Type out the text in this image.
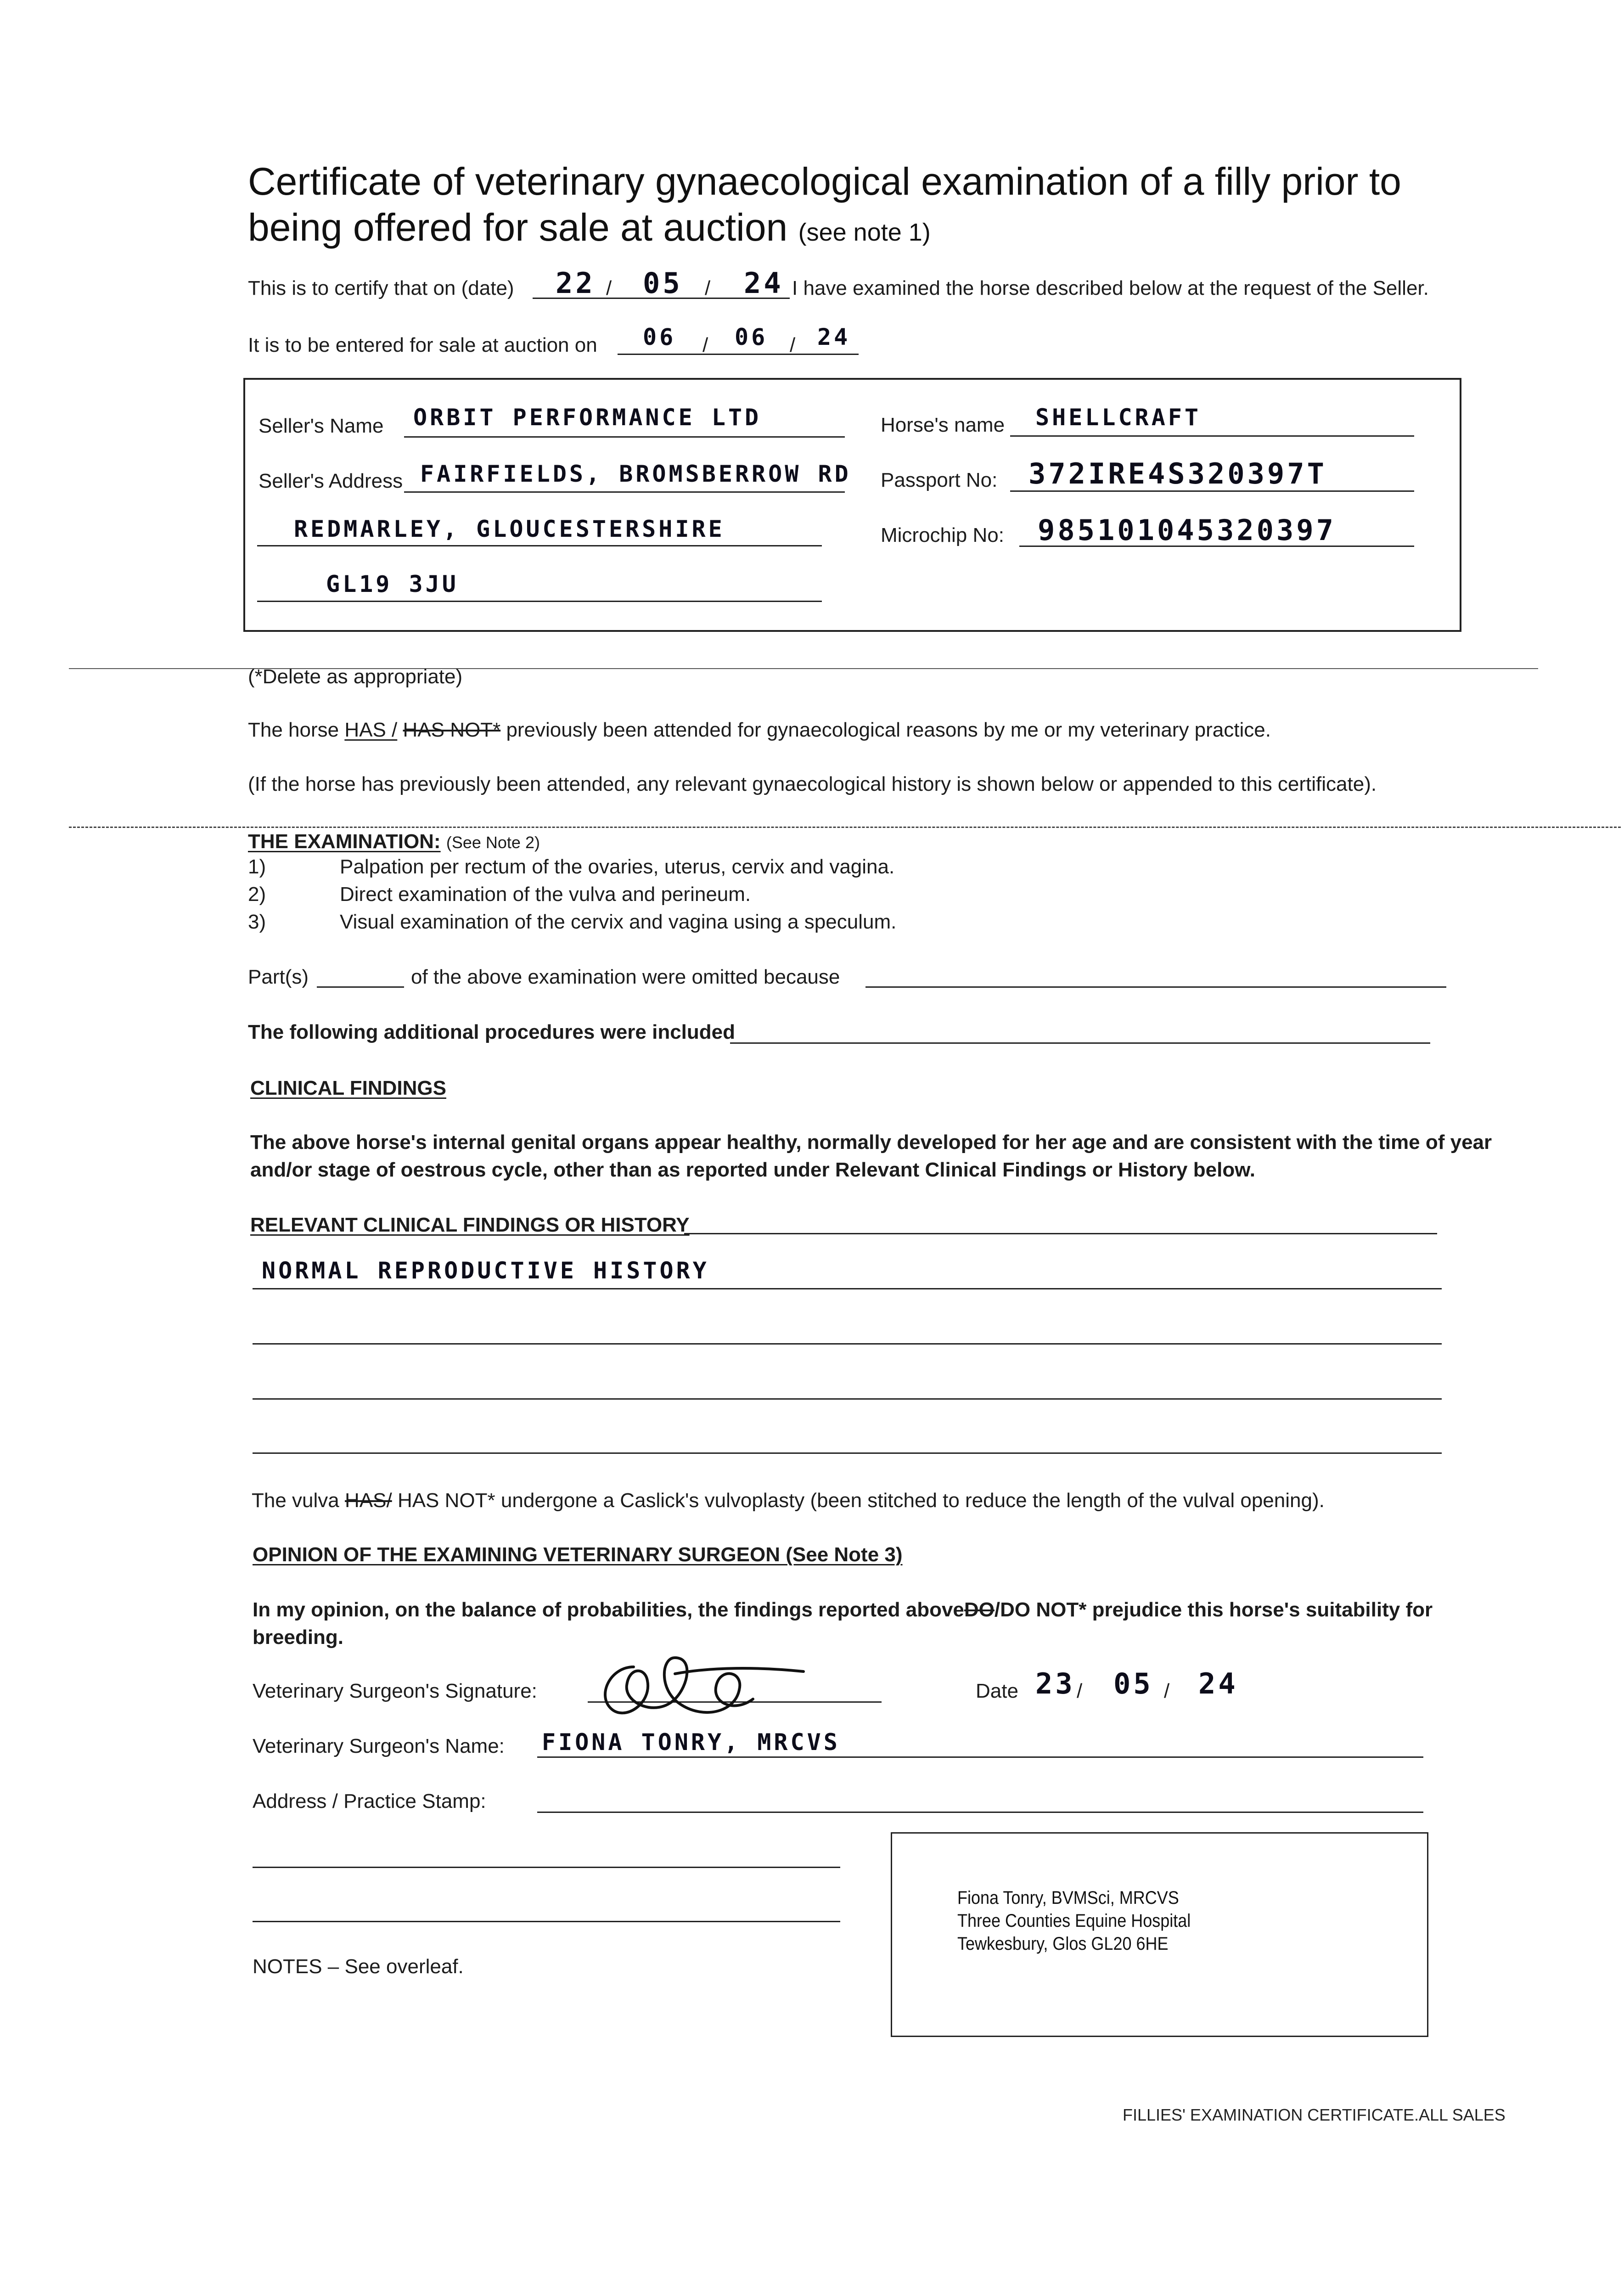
Certificate of veterinary gynaecological examination of a filly prior to
being offered for sale at auction (see note 1)
This is to certify that on (date) 22 / 05 / 24 I have examined the horse described below at the request of the Seller.
It is to be entered for sale at auction on 06 / 06 / 24
Seller's Name ORBIT PERFORMANCE LTD	Horse's name SHELLCRAFT
Seller's Address FAIRFIELDS, BROMSBERROW RD Passport No: 372IRE4S320397T
REDMARLEY, GLOUCESTERSHIRE	Microchip No: 985101045320397
GL19 3JU
(*Delete as appropriate)
The horse HAS / HAS NOT* previously been attended for gynaecological reasons by me or my veterinary practice.
(If the horse has previously been attended, any relevant gynaecological history is shown below or appended to this certificate).
THE EXAMINATION: (See Note 2)
1)	Palpation per rectum of the ovaries, uterus, cervix and vagina.
2)	Direct examination of the vulva and perineum.
3)	Visual examination of the cervix and vagina using a speculum.
Part(s)	of the above examination were omitted because
The following additional procedures were included
CLINICAL FINDINGS
The above horse's internal genital organs appear healthy, normally developed for her age and are consistent with the time of year
and/or stage of oestrous cycle, other than as reported under Relevant Clinical Findings or History below.
RELEVANT CLINICAL FINDINGS OR HISTORY
NORMAL REPRODUCTIVE HISTORY
The vulva HAS/ HAS NOT* undergone a Caslick's vulvoplasty (been stitched to reduce the length of the vulval opening).
OPINION OF THE EXAMINING VETERINARY SURGEON (See Note 3)
In my opinion, on the balance of probabilities, the findings reported aboveDO/DO NOT* prejudice this horse's suitability for
breeding.
Veterinary Surgeon's Signature:	Date 23 / 05 / 24
Veterinary Surgeon's Name: FIONA TONRY, MRCVS
Address / Practice Stamp:
Fiona Tonry, BVMSci, MRCVS
Three Counties Equine Hospital
Tewkesbury, Glos GL20 6HE
NOTES – See overleaf.
FILLIES' EXAMINATION CERTIFICATE.ALL SALES
